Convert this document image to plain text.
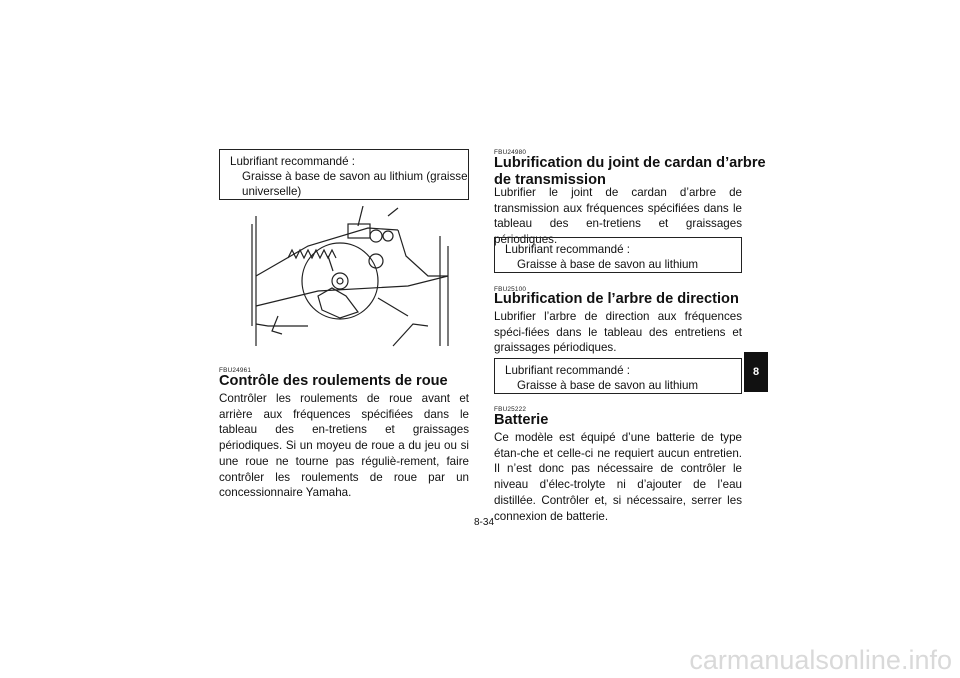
Lubrifiant recommandé :
Graisse à base de savon au lithium (graisse universelle)
FBU24961
Contrôle des roulements de roue
Contrôler les roulements de roue avant et arrière aux fréquences spécifiées dans le tableau des en-tretiens et graissages périodiques. Si un moyeu de roue a du jeu ou si une roue ne tourne pas réguliè-rement, faire contrôler les roulements de roue par un concessionnaire Yamaha.
FBU24980
Lubrification du joint de cardan d’arbre
de transmission
Lubrifier le joint de cardan d’arbre de transmission aux fréquences spécifiées dans le tableau des en-tretiens et graissages périodiques.
Lubrifiant recommandé :
Graisse à base de savon au lithium
FBU25100
Lubrification de l’arbre de direction
Lubrifier l’arbre de direction aux fréquences spéci-fiées dans le tableau des entretiens et graissages périodiques.
Lubrifiant recommandé :
Graisse à base de savon au lithium
FBU25222
Batterie
Ce modèle est équipé d’une batterie de type étan-che et celle-ci ne requiert aucun entretien. Il n’est donc pas nécessaire de contrôler le niveau d’élec-trolyte ni d’ajouter de l’eau distillée. Contrôler et, si nécessaire, serrer les connexion de batterie.
8
8-34
carmanualsonline.info
